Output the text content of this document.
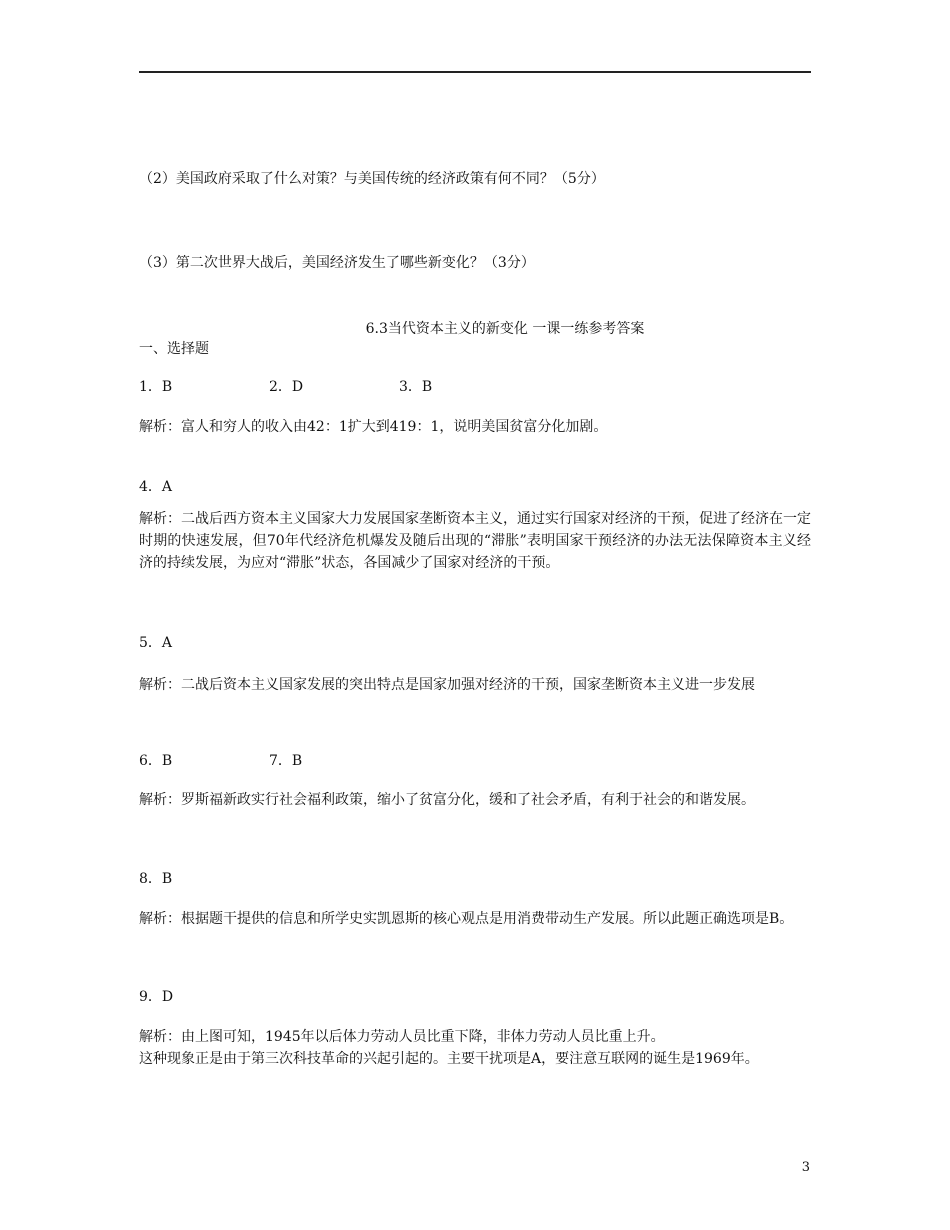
（2）美国政府采取了什么对策？与美国传统的经济政策有何不同？（5分）
（3）第二次世界大战后，美国经济发生了哪些新变化？（3分）
6.3当代资本主义的新变化 一课一练参考答案
一、选择题
1．B	2．D	3．B
解析：富人和穷人的收入由42：1扩大到419：1，说明美国贫富分化加剧。
4．A
解析：二战后西方资本主义国家大力发展国家垄断资本主义，通过实行国家对经济的干预，促进了经济在一定时期的快速发展，但70年代经济危机爆发及随后出现的“滞胀”表明国家干预经济的办法无法保障资本主义经济的持续发展，为应对“滞胀”状态，各国减少了国家对经济的干预。
5．A
解析：二战后资本主义国家发展的突出特点是国家加强对经济的干预，国家垄断资本主义进一步发展
6．B	7．B
解析：罗斯福新政实行社会福利政策，缩小了贫富分化，缓和了社会矛盾，有利于社会的和谐发展。
8．B
解析：根据题干提供的信息和所学史实凯恩斯的核心观点是用消费带动生产发展。所以此题正确选项是B。
9．D
解析：由上图可知，1945年以后体力劳动人员比重下降，非体力劳动人员比重上升。
这种现象正是由于第三次科技革命的兴起引起的。主要干扰项是A，要注意互联网的诞生是1969年。
3
